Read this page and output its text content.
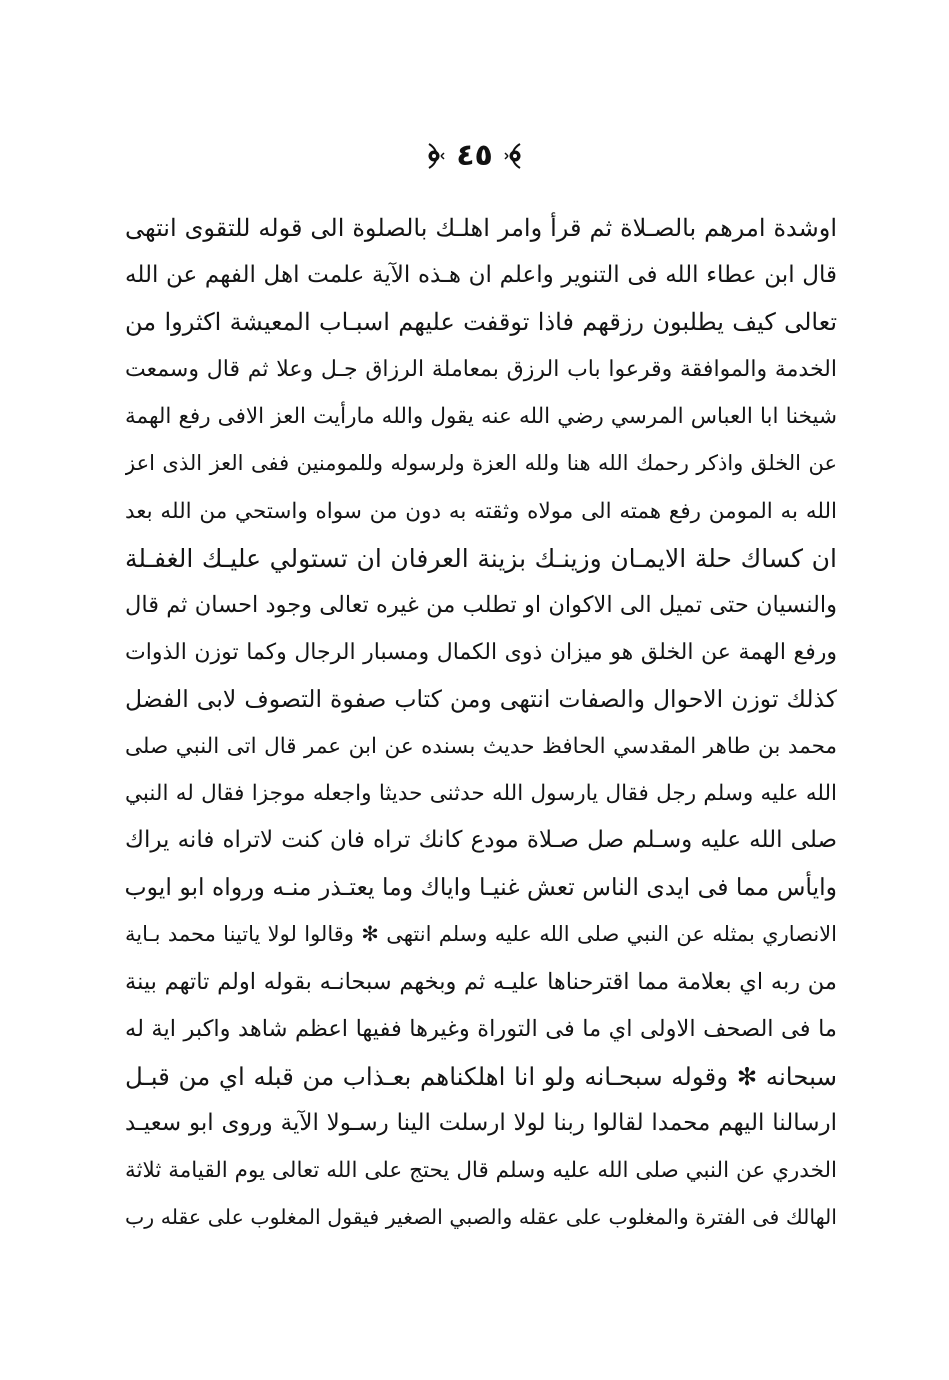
٤٥
اوشدة امرهم بالصـلاة ثم قرأ وامر اهلـك بالصلوة الى قوله للتقوى انتهى
قال ابن عطاء الله فى التنوير واعلم ان هـذه الآية علمت اهل الفهم عن الله
تعالى كيف يطلبون رزقهم فاذا توقفت عليهم اسبـاب المعيشة اكثروا من
الخدمة والموافقة وقرعوا باب الرزق بمعاملة الرزاق جـل وعلا ثم قال وسمعت
شيخنا ابا العباس المرسي رضي الله عنه يقول والله مارأيت العز الافى رفع الهمة
عن الخلق واذكر رحمك الله هنا ولله العزة ولرسوله وللمومنين ففى العز الذى اعز
الله به المومن رفع همته الى مولاه وثقته به دون من سواه واستحي من الله بعد
ان كساك حلة الايمـان وزينـك بزينة العرفان ان تستولي عليـك الغفـلة
والنسيان حتى تميل الى الاكوان او تطلب من غيره تعالى وجود احسان ثم قال
ورفع الهمة عن الخلق هو ميزان ذوى الكمال ومسبار الرجال وكما توزن الذوات
كذلك توزن الاحوال والصفات انتهى ومن كتاب صفوة التصوف لابى الفضل
محمد بن طاهر المقدسي الحافظ حديث بسنده عن ابن عمر قال اتى النبي صلى
الله عليه وسلم رجل فقال يارسول الله حدثنى حديثا واجعله موجزا فقال له النبي
صلى الله عليه وسـلم صل صـلاة مودع كانك تراه فان كنت لاتراه فانه يراك
وايأس مما فى ايدى الناس تعش غنيـا واياك وما يعتـذر منـه ورواه ابو ايوب
الانصاري بمثله عن النبي صلى الله عليه وسلم انتهى ✻ وقالوا لولا ياتينا محمد بـاية
من ربه اي بعلامة مما اقترحناها عليـه ثم وبخهم سبحانـه بقوله اولم تاتهم بينة
ما فى الصحف الاولى اي ما فى التوراة وغيرها ففيها اعظم شاهد واكبر اية له
سبحانه ✻ وقوله سبحـانه ولو انا اهلكناهم بعـذاب من قبله اي من قبـل
ارسالنا اليهم محمدا لقالوا ربنا لولا ارسلت الينا رسـولا الآية وروى ابو سعيـد
الخدري عن النبي صلى الله عليه وسلم قال يحتج على الله تعالى يوم القيامة ثلاثة
الهالك فى الفترة والمغلوب على عقله والصبي الصغير فيقول المغلوب على عقله رب
